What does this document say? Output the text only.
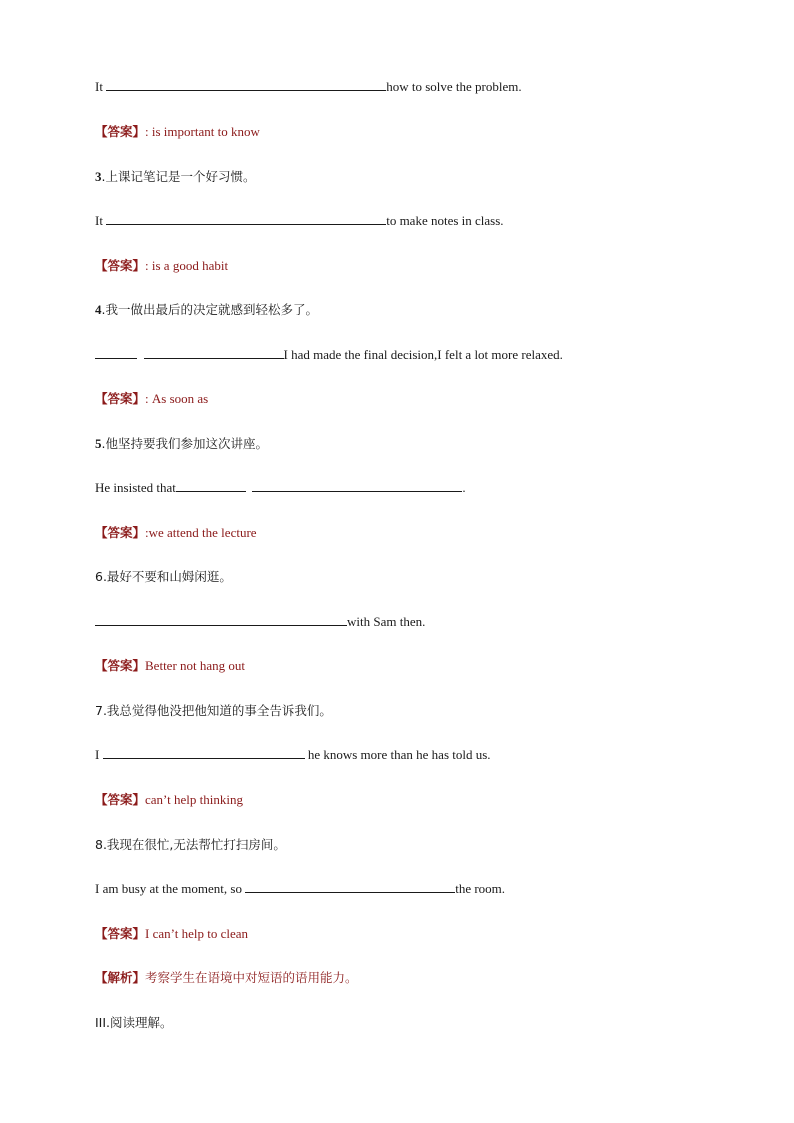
It	how to solve the problem.
【答案】: is important to know
3.上课记笔记是一个好习惯。
It	to make notes in class.
【答案】: is a good habit
4.我一做出最后的决定就感到轻松多了。
I had made the final decision,I felt a lot more relaxed.
【答案】: As soon as
5.他坚持要我们参加这次讲座。
He insisted that	.
【答案】:we attend the lecture
6.最好不要和山姆闲逛。
with Sam then.
【答案】Better not hang out
7.我总觉得他没把他知道的事全告诉我们。
I	he knows more than he has told us.
【答案】can’t help thinking
8.我现在很忙,无法帮忙打扫房间。
I am busy at the moment, so	the room.
【答案】I can’t help to clean
【解析】考察学生在语境中对短语的语用能力。
III.阅读理解。
